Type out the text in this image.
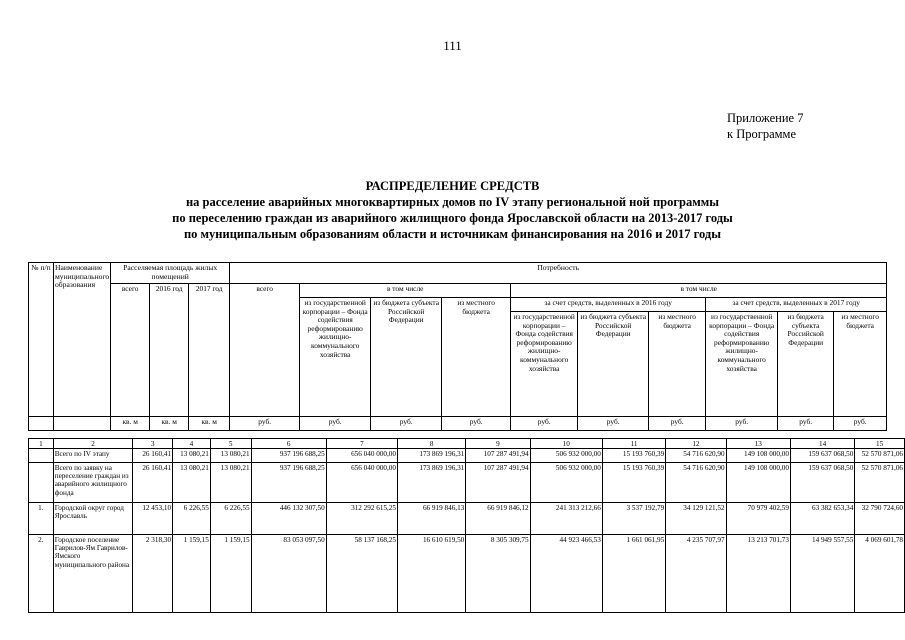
111
Приложение 7
к Программе
РАСПРЕДЕЛЕНИЕ СРЕДСТВ
на расселение аварийных многоквартирных домов по IV этапу региональной ной программы
по переселению граждан из аварийного жилищного фонда Ярославской области на 2013-2017 годы
по муниципальным образованиям области и источникам финансирования на 2016 и 2017 годы
№ п/п	Наименование муниципального образования	Расселяемая площадь жилых помещений			Потребность									
		всего	2016 год	2017 год	всего	в том числе			в том числе					
						из государственной корпорации – Фонда содействия реформированию жилищно-коммунального хозяйства	из бюджета субъекта Российской Федерации	из местного бюджета	за счет средств, выделенных в 2016 году			за счет средств, выделенных в 2017 году		
									из государственной корпорации – Фонда содействия реформированию жилищно-коммунального хозяйства	из бюджета субъекта Российской Федерации	из местного бюджета	из государственной корпорации – Фонда содействия реформированию жилищно-коммунального хозяйства	из бюджета субъекта Российской Федерации	из местного бюджета
		кв. м	кв. м	кв. м	руб.	руб.	руб.	руб.	руб.	руб.	руб.	руб.	руб.	руб.
1	2	3	4	5	6	7	8	9	10	11	12	13	14	15
	Всего по IV этапу	26 160,41	13 080,21	13 080,21	937 196 688,25	656 040 000,00	173 869 196,31	107 287 491,94	506 932 000,00	15 193 760,39	54 716 620,90	149 108 000,00	159 637 068,50	52 570 871,06
	Всего по заявку на переселение граждан из аварийного жилищного фонда	26 160,41	13 080,21	13 080,21	937 196 688,25	656 040 000,00	173 869 196,31	107 287 491,94	506 932 000,00	15 193 760,39	54 716 620,90	149 108 000,00	159 637 068,50	52 570 871,06
1.	Городской округ город Ярославль	12 453,10	6 226,55	6 226,55	446 132 307,50	312 292 615,25	66 919 846,13	66 919 846,12	241 313 212,66	3 537 192,79	34 129 121,52	70 979 402,59	63 382 653,34	32 790 724,60
2.	Городское поселение Гаврилов-Ям Гаврилов-Ямского муниципального района	2 318,30	1 159,15	1 159,15	83 053 097,50	58 137 168,25	16 610 619,50	8 305 309,75	44 923 466,53	1 661 061,95	4 235 707,97	13 213 701,73	14 949 557,55	4 069 601,78
